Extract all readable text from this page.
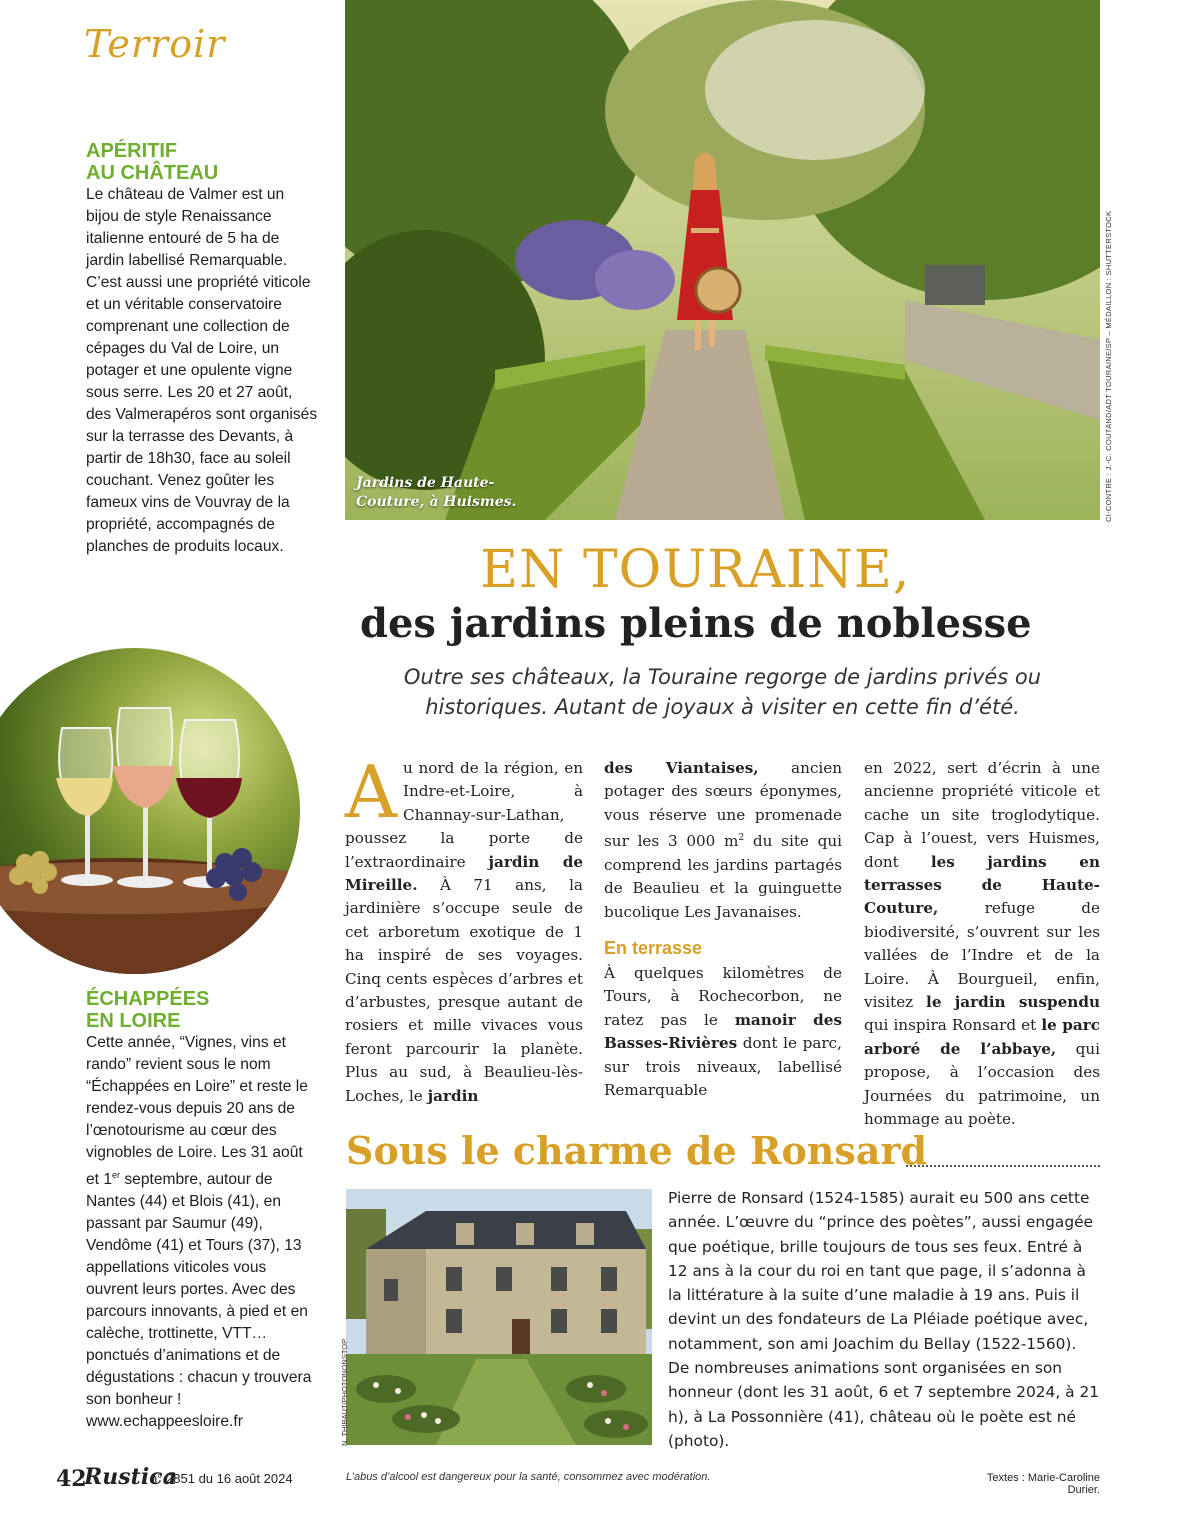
Terroir
APÉRITIF
AU CHÂTEAU
Le château de Valmer est un bijou de style Renaissance italienne entouré de 5 ha de jardin labellisé Remarquable. C’est aussi une propriété viticole et un véritable conservatoire comprenant une collection de cépages du Val de Loire, un potager et une opulente vigne sous serre. Les 20 et 27 août, des Valmerapéros sont organisés sur la terrasse des Devants, à partir de 18h30, face au soleil couchant. Venez goûter les fameux vins de Vouvray de la propriété, accompagnés de planches de produits locaux.
ÉCHAPPÉES
EN LOIRE
Cette année, “Vignes, vins et rando” revient sous le nom “Échappées en Loire” et reste le rendez-vous depuis 20 ans de l’œnotourisme au cœur des vignobles de Loire. Les 31 août et 1er septembre, autour de Nantes (44) et Blois (41), en passant par Saumur (49), Vendôme (41) et Tours (37), 13 appellations viticoles vous ouvrent leurs portes. Avec des parcours innovants, à pied et en calèche, trottinette, VTT… ponctués d’animations et de dégustations : chacun y trouvera son bonheur !
www.echappeesloire.fr
Jardins de Haute-
Couture, à Huismes.	CI-CONTRE : J.-C. COUTAND/ADT TOURAINE/SP – MÉDAILLON : SHUTTERSTOCK
EN TOURAINE,
des jardins pleins de noblesse
Outre ses châteaux, la Touraine regorge de jardins privés ou
historiques. Autant de joyaux à visiter en cette fin d’été.
Au nord de la région, en Indre-et-Loire, à Channay-sur-Lathan, poussez la porte de l’extraordinaire jardin de Mireille. À 71 ans, la jardinière s’occupe seule de cet arboretum exotique de 1 ha inspiré de ses voyages. Cinq cents espèces d’arbres et d’arbustes, presque autant de rosiers et mille vivaces vous feront parcourir la planète. Plus au sud, à Beaulieu-lès-Loches, le jardin
des Viantaises, ancien potager des sœurs éponymes, vous réserve une promenade sur les 3 000 $m^2$ du site qui comprend les jardins partagés de Beaulieu et la guinguette bucolique Les Javanaises.
En terrasse
À quelques kilomètres de Tours, à Rochecorbon, ne ratez pas le manoir des Basses-Rivières dont le parc, sur trois niveaux, labellisé Remarquable
en 2022, sert d’écrin à une ancienne propriété viticole et cache un site troglodytique. Cap à l’ouest, vers Huismes, dont les jardins en terrasses de Haute-Couture, refuge de biodiversité, s’ouvrent sur les vallées de l’Indre et de la Loire. À Bourgueil, enfin, visitez le jardin suspendu qui inspira Ronsard et le parc arboré de l’abbaye, qui propose, à l’occasion des Journées du patrimoine, un hommage au poète.
Sous le charme de Ronsard
N. THIBAUT/PHOTONONSTOP
Pierre de Ronsard (1524-1585) aurait eu 500 ans cette année. L’œuvre du “prince des poètes”, aussi engagée que poétique, brille toujours de tous ses feux. Entré à 12 ans à la cour du roi en tant que page, il s’adonna à la littérature à la suite d’une maladie à 19 ans. Puis il devint un des fondateurs de La Pléiade poétique avec, notamment, son ami Joachim du Bellay (1522-1560). De nombreuses animations sont organisées en son honneur (dont les 31 août, 6 et 7 septembre 2024, à 21 h), à La Possonnière (41), château où le poète est né (photo).
42
Rustica
n° 2851 du 16 août 2024	L’abus d’alcool est dangereux pour la santé, consommez avec modération.	Textes : Marie-Caroline Durier.
